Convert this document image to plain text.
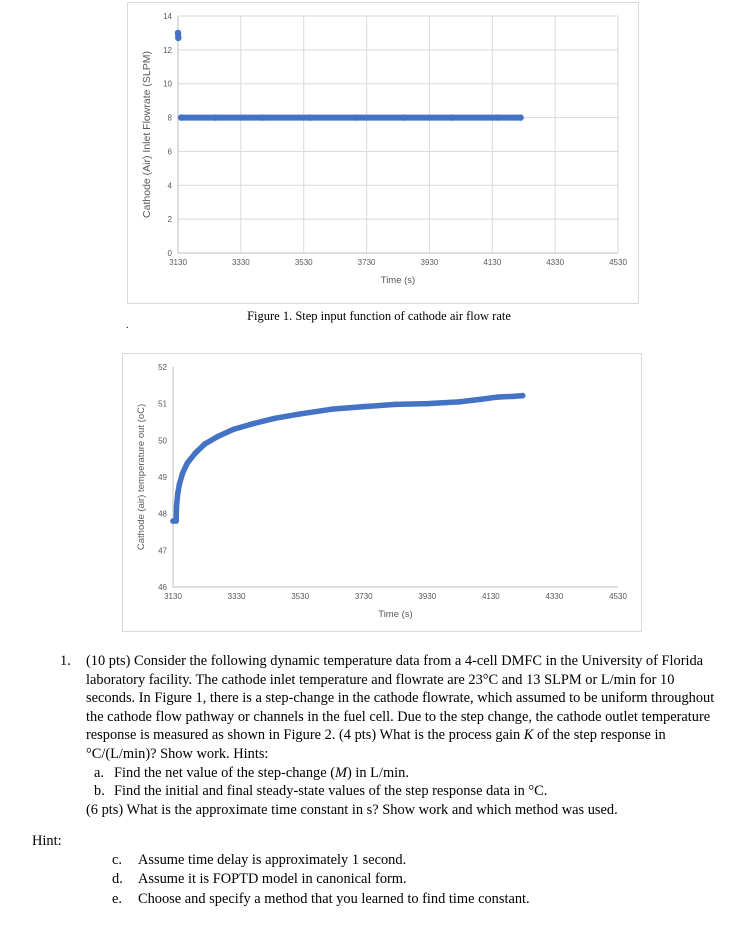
0
2
4
6
8
10
12
14
3130	3330	3530	3730	3930	4130	4330	4530
Time (s)
Cathode (Air) Inlet Flowrate (SLPM)
Figure 1. Step input function of cathode air flow rate
.
46
47
48
49
50
51
52
3130	3330	3530	3730	3930	4130	4330	4530
Time (s)
Cathode (air) temperature out (oC)
1. (10 pts) Consider the following dynamic temperature data from a 4-cell DMFC in the University of Florida laboratory facility. The cathode inlet temperature and flowrate are 23°C and 13 SLPM or L/min for 10 seconds. In Figure 1, there is a step-change in the cathode flowrate, which assumed to be uniform throughout the cathode flow pathway or channels in the fuel cell. Due to the step change, the cathode outlet temperature response is measured as shown in Figure 2. (4 pts) What is the process gain K of the step response in °C/(L/min)? Show work. Hints:
a. Find the net value of the step-change (M) in L/min.
b. Find the initial and final steady-state values of the step response data in °C.
(6 pts) What is the approximate time constant in s? Show work and which method was used.
Hint:
c. Assume time delay is approximately 1 second.
d. Assume it is FOPTD model in canonical form.
e. Choose and specify a method that you learned to find time constant.
